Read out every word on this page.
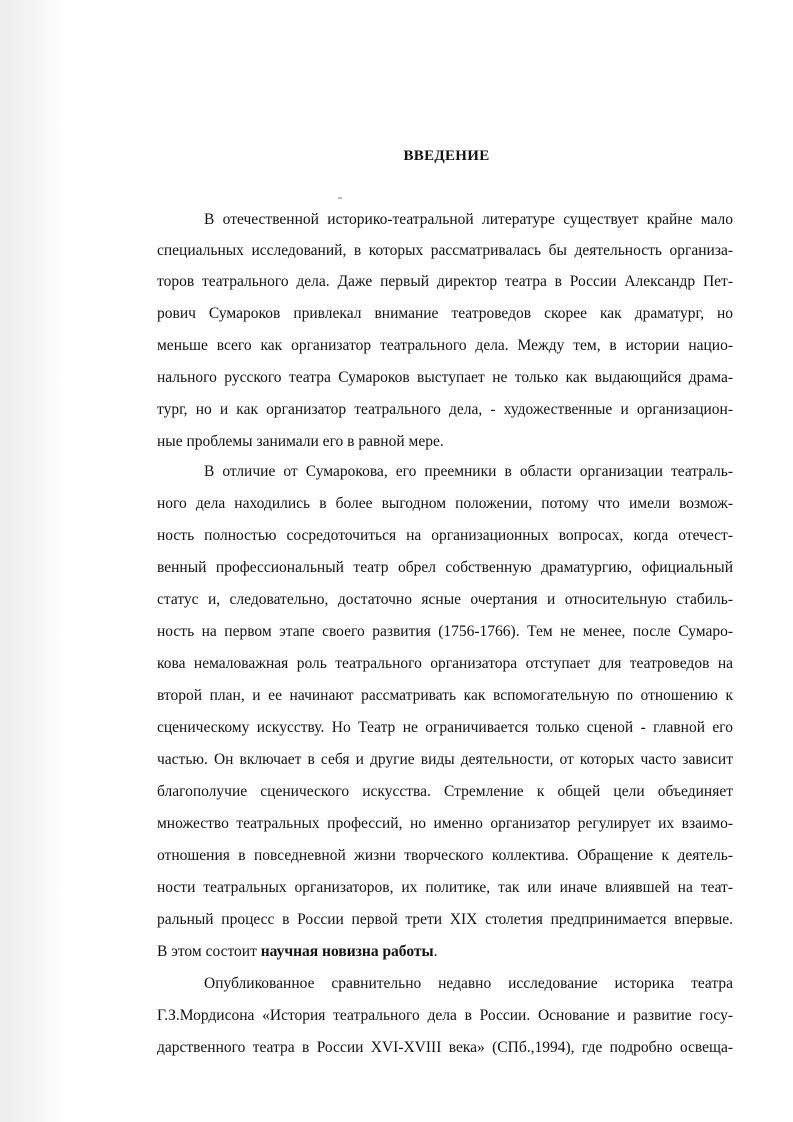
ВВЕДЕНИЕ
В отечественной историко-театральной литературе существует крайне мало
специальных исследований, в которых рассматривалась бы деятельность организа-
торов театрального дела. Даже первый директор театра в России Александр Пет-
рович Сумароков привлекал внимание театроведов скорее как драматург, но
меньше всего как организатор театрального дела. Между тем, в истории нацио-
нального русского театра Сумароков выступает не только как выдающийся драма-
тург, но и как организатор театрального дела, - художественные и организацион-
ные проблемы занимали его в равной мере.
В отличие от Сумарокова, его преемники в области организации театраль-
ного дела находились в более выгодном положении, потому что имели возмож-
ность полностью сосредоточиться на организационных вопросах, когда отечест-
венный профессиональный театр обрел собственную драматургию, официальный
статус и, следовательно, достаточно ясные очертания и относительную стабиль-
ность на первом этапе своего развития (1756-1766). Тем не менее, после Сумаро-
кова немаловажная роль театрального организатора отступает для театроведов на
второй план, и ее начинают рассматривать как вспомогательную по отношению к
сценическому искусству. Но Театр не ограничивается только сценой - главной его
частью. Он включает в себя и другие виды деятельности, от которых часто зависит
благополучие сценического искусства. Стремление к общей цели объединяет
множество театральных профессий, но именно организатор регулирует их взаимо-
отношения в повседневной жизни творческого коллектива. Обращение к деятель-
ности театральных организаторов, их политике, так или иначе влиявшей на теат-
ральный процесс в России первой трети XIX столетия предпринимается впервые.
В этом состоит научная новизна работы.
Опубликованное сравнительно недавно исследование историка театра
Г.З.Мордисона «История театрального дела в России. Основание и развитие госу-
дарственного театра в России XVI-XVIII века» (СПб.,1994), где подробно освеща-
